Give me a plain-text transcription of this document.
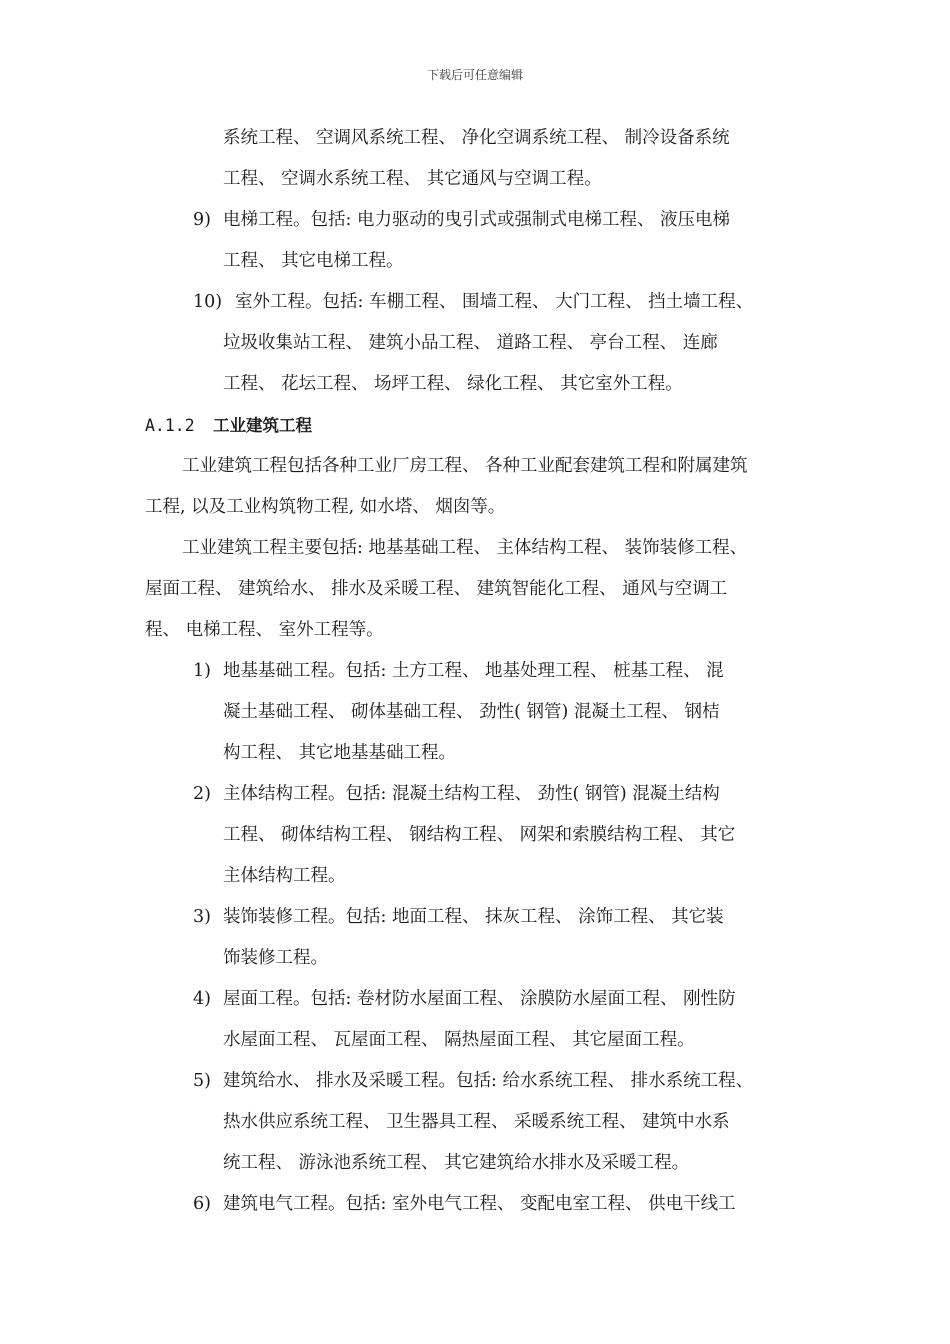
下载后可任意编辑
系统工程、 空调风系统工程、 净化空调系统工程、 制冷设备系统
工程、 空调水系统工程、 其它通风与空调工程。
9) 电梯工程。包括: 电力驱动的曳引式或强制式电梯工程、 液压电梯
工程、 其它电梯工程。
10) 室外工程。包括: 车棚工程、 围墙工程、 大门工程、 挡土墙工程、
垃圾收集站工程、 建筑小品工程、 道路工程、 亭台工程、 连廊
工程、 花坛工程、 场坪工程、 绿化工程、 其它室外工程。
A.1.2 工业建筑工程
工业建筑工程包括各种工业厂房工程、 各种工业配套建筑工程和附属建筑
工程, 以及工业构筑物工程, 如水塔、 烟囱等。
工业建筑工程主要包括: 地基基础工程、 主体结构工程、 装饰装修工程、
屋面工程、 建筑给水、 排水及采暖工程、 建筑智能化工程、 通风与空调工
程、 电梯工程、 室外工程等。
1) 地基基础工程。包括: 土方工程、 地基处理工程、 桩基工程、 混
凝土基础工程、 砌体基础工程、 劲性( 钢管) 混凝土工程、 钢桔
构工程、 其它地基基础工程。
2) 主体结构工程。包括: 混凝土结构工程、 劲性( 钢管) 混凝土结构
工程、 砌体结构工程、 钢结构工程、 网架和索膜结构工程、 其它
主体结构工程。
3) 装饰装修工程。包括: 地面工程、 抹灰工程、 涂饰工程、 其它装
饰装修工程。
4) 屋面工程。包括: 卷材防水屋面工程、 涂膜防水屋面工程、 刚性防
水屋面工程、 瓦屋面工程、 隔热屋面工程、 其它屋面工程。
5) 建筑给水、 排水及采暖工程。包括: 给水系统工程、 排水系统工程、
热水供应系统工程、 卫生器具工程、 采暖系统工程、 建筑中水系
统工程、 游泳池系统工程、 其它建筑给水排水及采暖工程。
6) 建筑电气工程。包括: 室外电气工程、 变配电室工程、 供电干线工
